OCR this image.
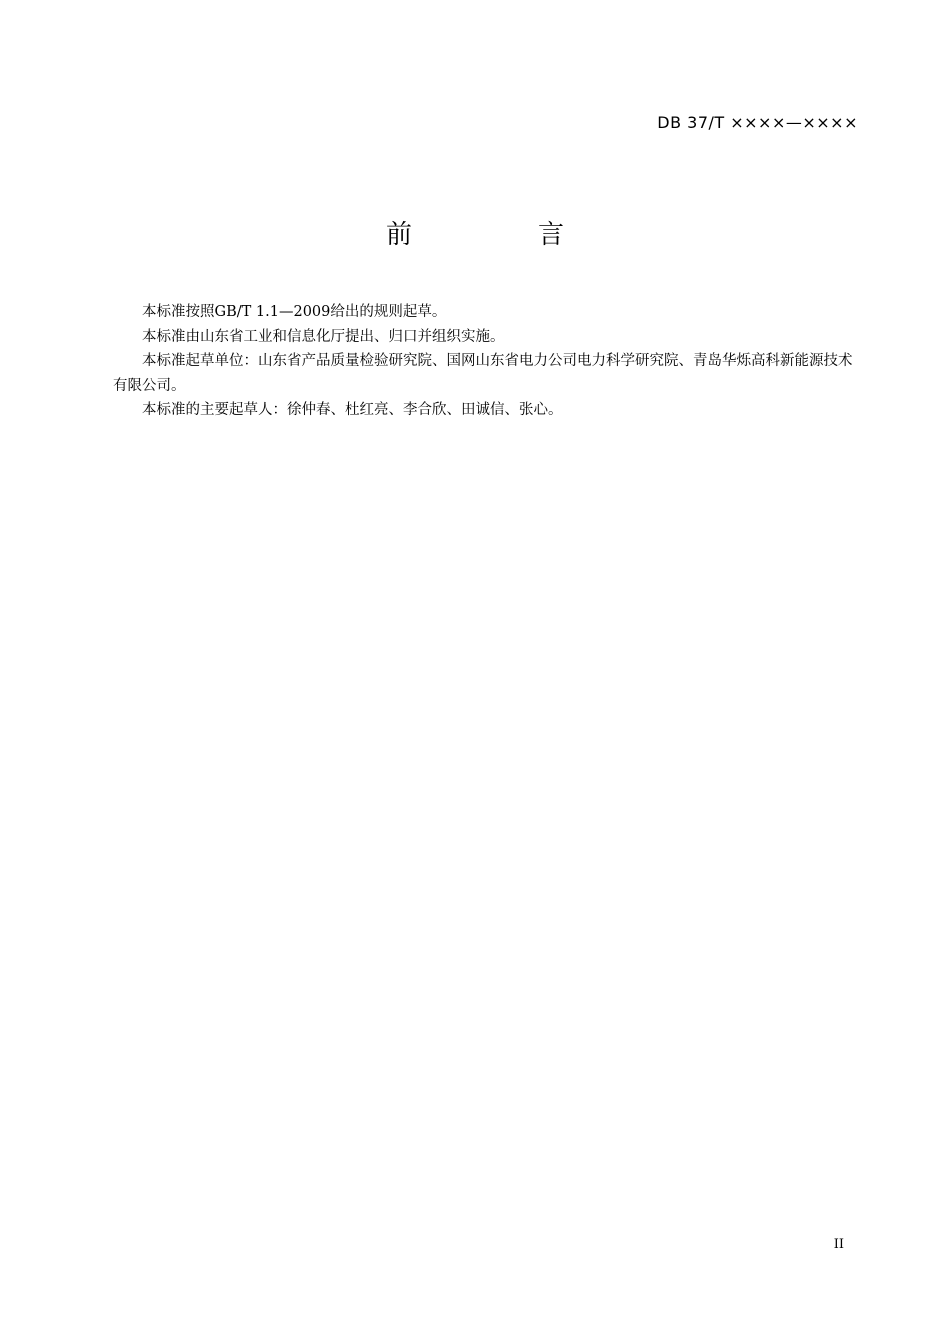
DB 37/T ××××—××××
前　言

本标准按照GB/T 1.1—2009给出的规则起草。

本标准由山东省工业和信息化厅提出、归口并组织实施。

本标准起草单位：山东省产品质量检验研究院、国网山东省电力公司电力科学研究院、青岛华烁高科新能源技术有限公司。

本标准的主要起草人：徐仲春、杜红亮、李合欣、田诚信、张心。

II
